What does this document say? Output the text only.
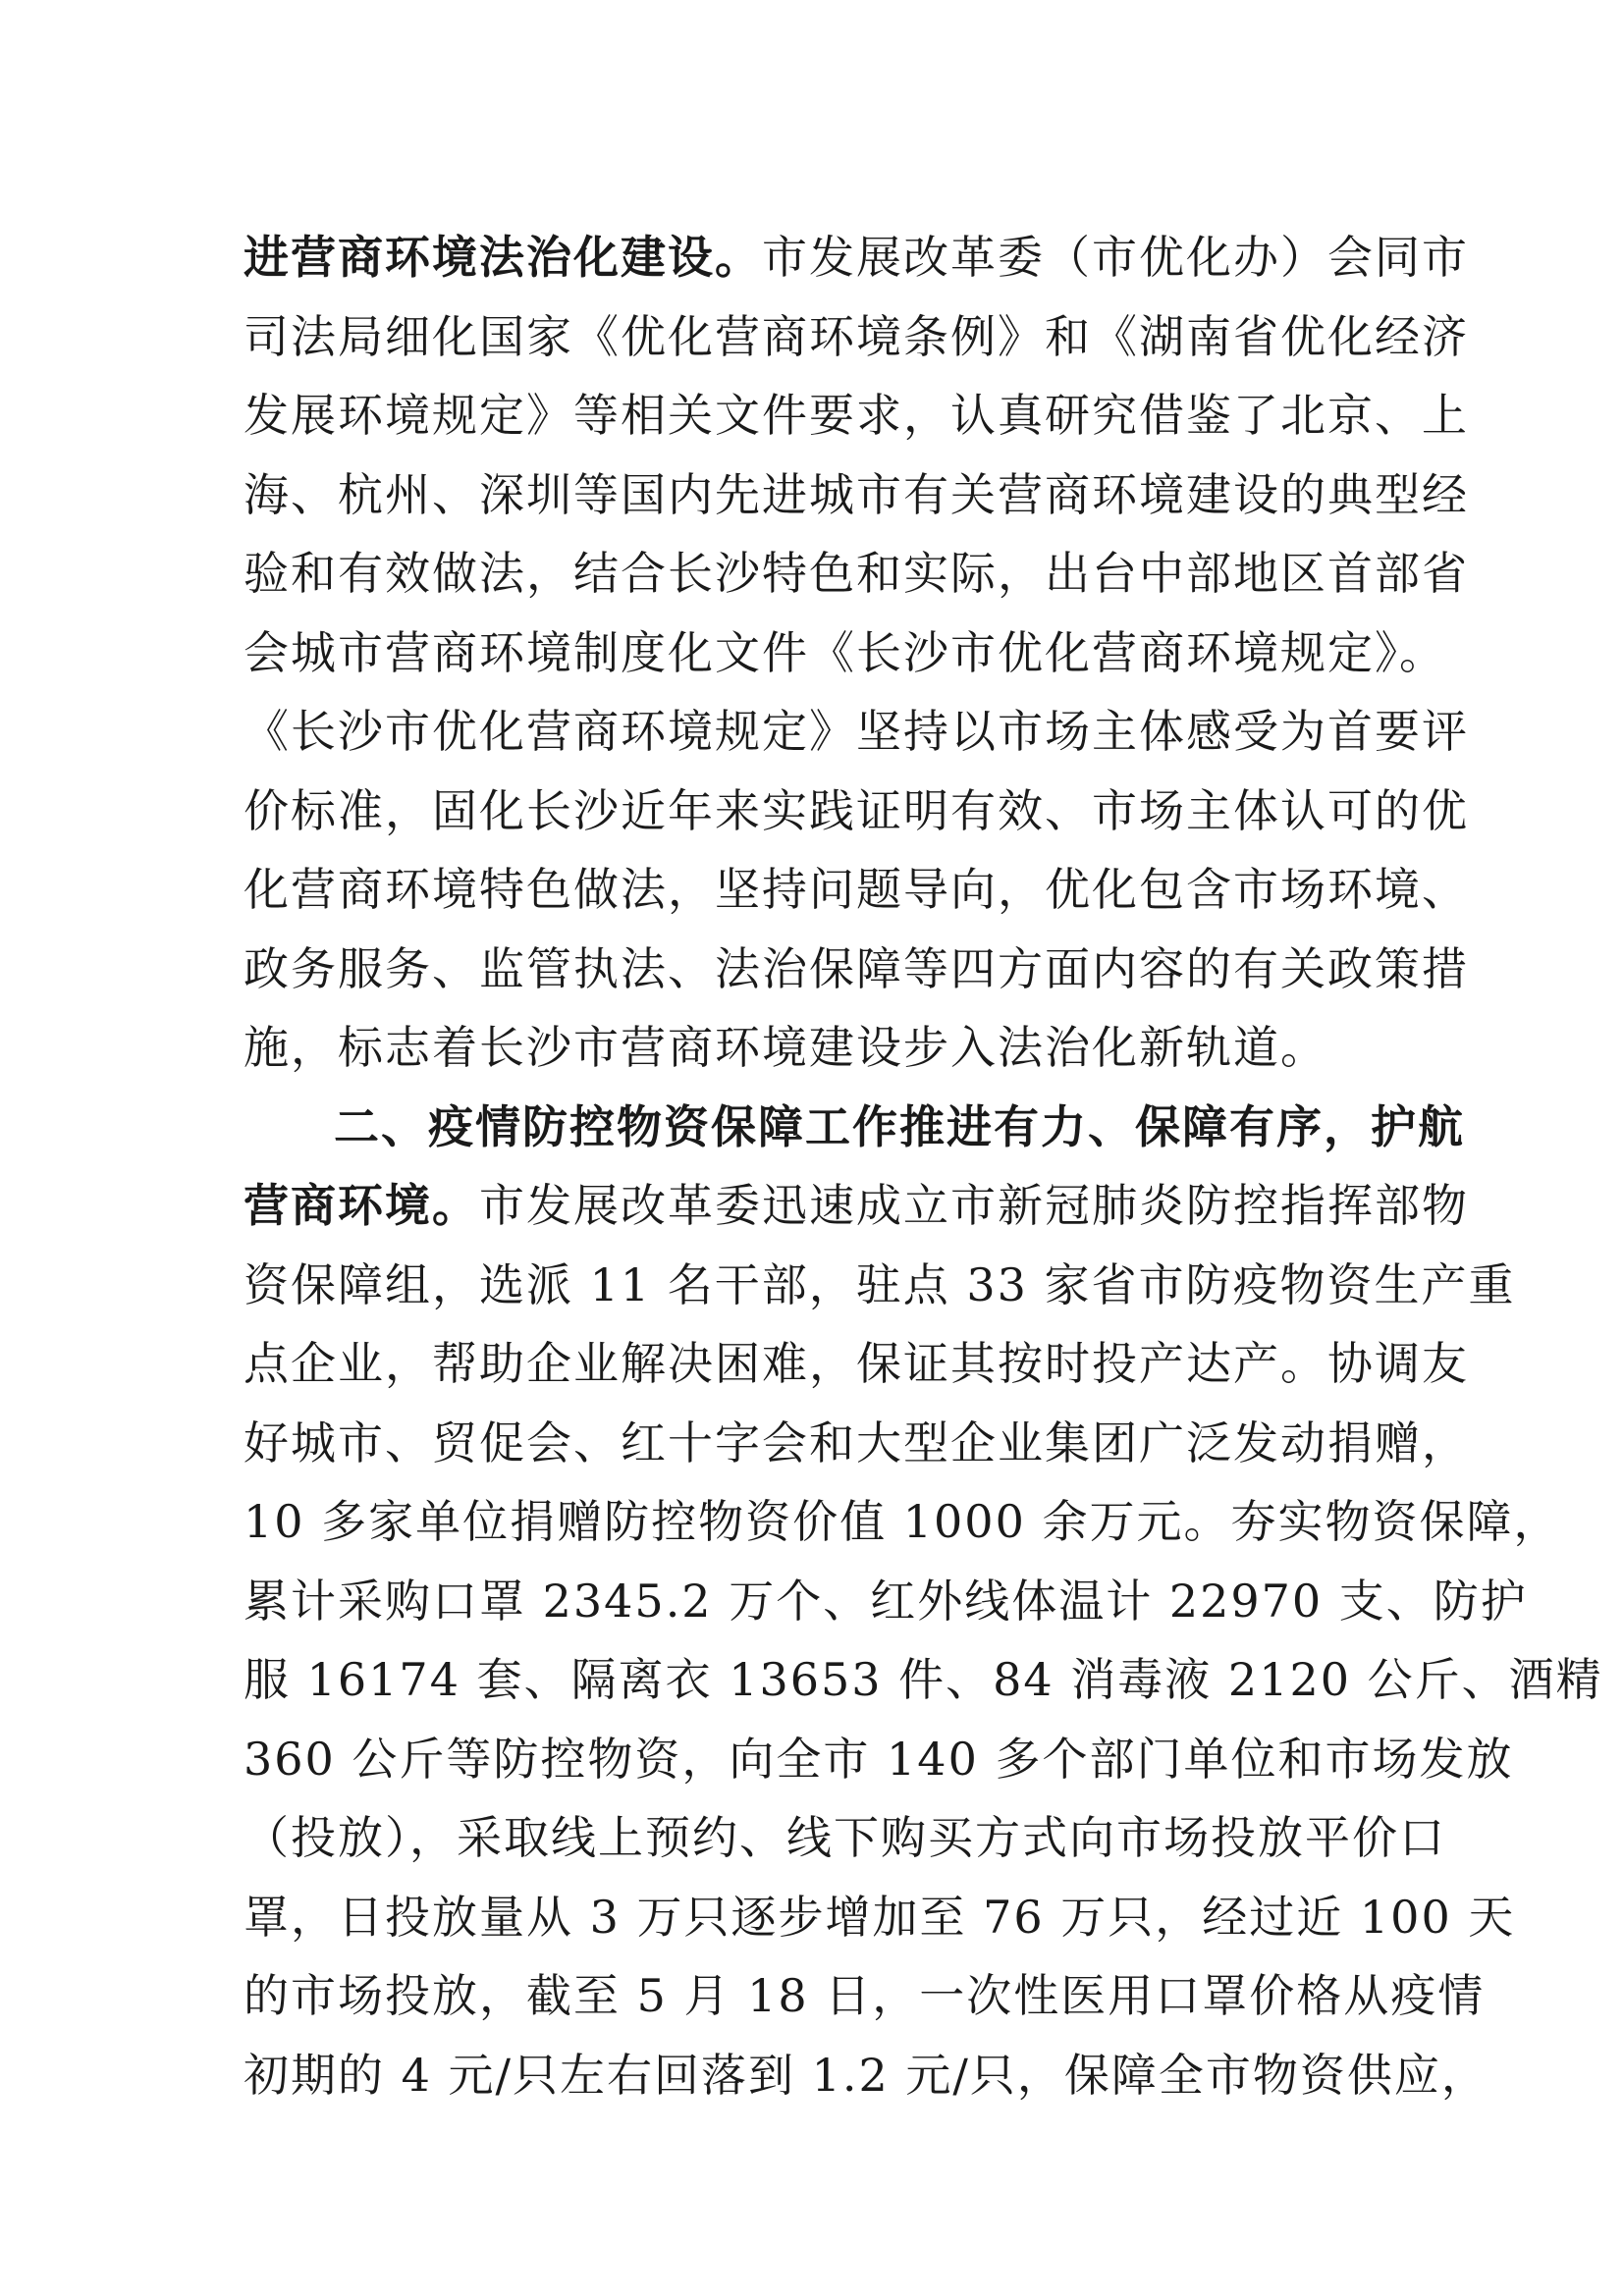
进营商环境法治化建设。市发展改革委（市优化办）会同市
司法局细化国家《优化营商环境条例》和《湖南省优化经济
发展环境规定》等相关文件要求，认真研究借鉴了北京、上
海、杭州、深圳等国内先进城市有关营商环境建设的典型经
验和有效做法，结合长沙特色和实际，出台中部地区首部省
会城市营商环境制度化文件《长沙市优化营商环境规定》。
《长沙市优化营商环境规定》坚持以市场主体感受为首要评
价标准，固化长沙近年来实践证明有效、市场主体认可的优
化营商环境特色做法，坚持问题导向，优化包含市场环境、
政务服务、监管执法、法治保障等四方面内容的有关政策措
施，标志着长沙市营商环境建设步入法治化新轨道。
二、疫情防控物资保障工作推进有力、保障有序，护航
营商环境。市发展改革委迅速成立市新冠肺炎防控指挥部物
资保障组，选派 11 名干部，驻点 33 家省市防疫物资生产重
点企业，帮助企业解决困难，保证其按时投产达产。协调友
好城市、贸促会、红十字会和大型企业集团广泛发动捐赠，
10 多家单位捐赠防控物资价值 1000 余万元。夯实物资保障，
累计采购口罩 2345.2 万个、红外线体温计 22970 支、防护
服 16174 套、隔离衣 13653 件、84 消毒液 2120 公斤、酒精
360 公斤等防控物资，向全市 140 多个部门单位和市场发放
（投放），采取线上预约、线下购买方式向市场投放平价口
罩，日投放量从 3 万只逐步增加至 76 万只，经过近 100 天
的市场投放，截至 5 月 18 日，一次性医用口罩价格从疫情
初期的 4 元/只左右回落到 1.2 元/只，保障全市物资供应，
